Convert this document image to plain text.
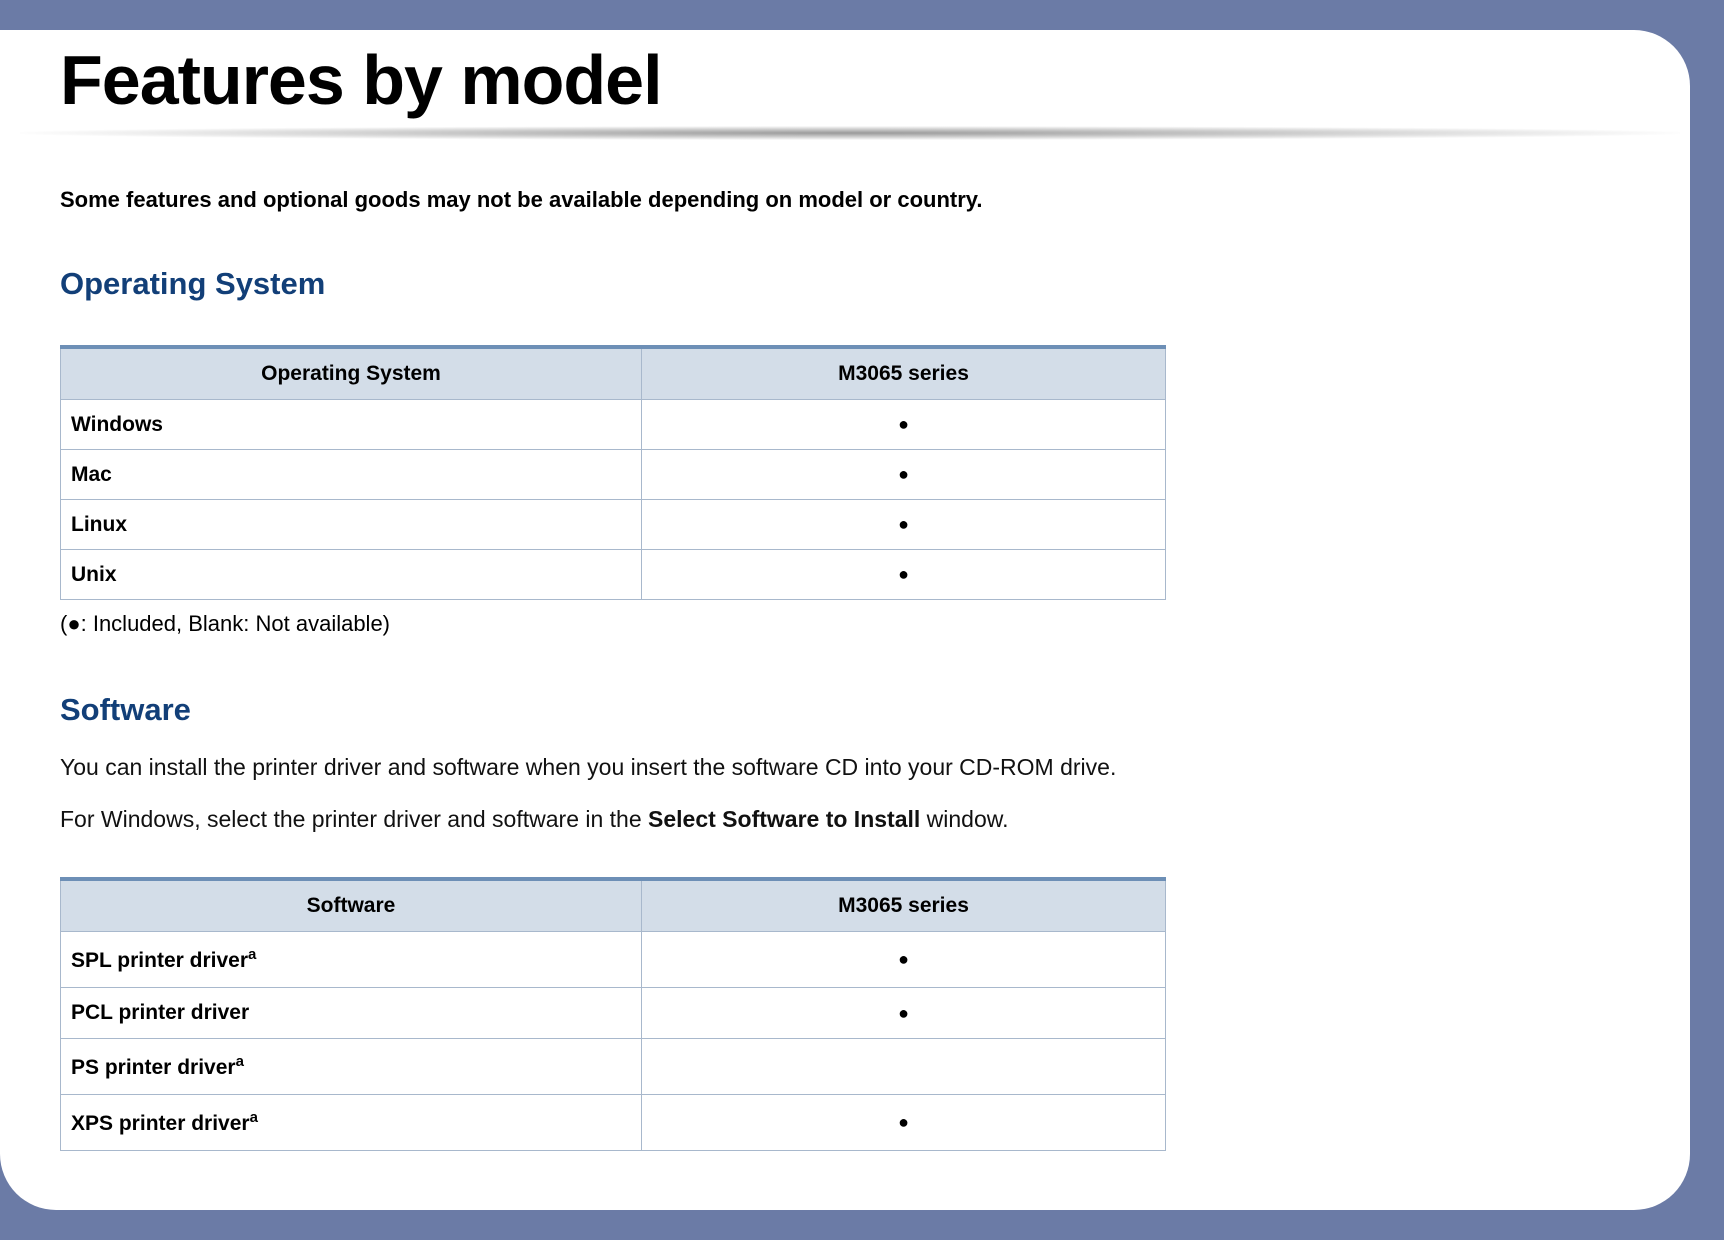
Features by model

Some features and optional goods may not be available depending on model or country.

Operating System
Operating System	M3065 series
Windows	●
Mac	●
Linux	●
Unix	●

(●: Included, Blank: Not available)

Software

You can install the printer driver and software when you insert the software CD into your CD-ROM drive.

For Windows, select the printer driver and software in the Select Software to Install window.

Software	M3065 series
SPL printer driver$^a$	●
PCL printer driver	●
PS printer driver$^a$	
XPS printer driver$^a$	●
